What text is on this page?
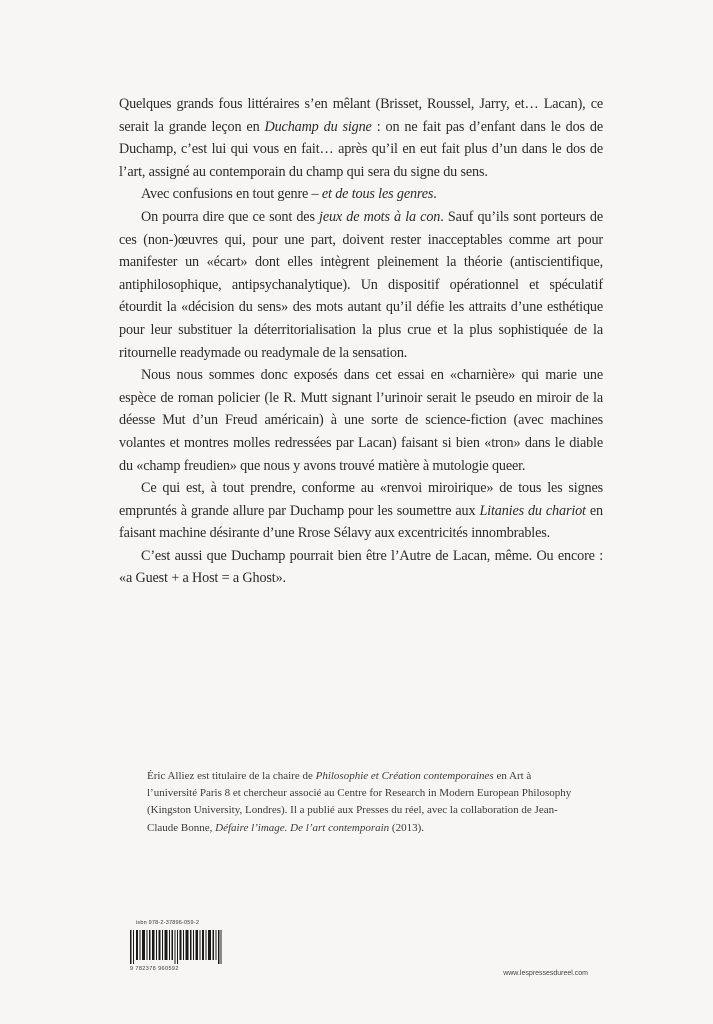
Quelques grands fous littéraires s’en mêlant (Brisset, Roussel, Jarry, et… Lacan), ce serait la grande leçon en Duchamp du signe : on ne fait pas d’enfant dans le dos de Duchamp, c’est lui qui vous en fait… après qu’il en eut fait plus d’un dans le dos de l’art, assigné au contemporain du champ qui sera du signe du sens.

Avec confusions en tout genre – et de tous les genres.

On pourra dire que ce sont des jeux de mots à la con. Sauf qu’ils sont porteurs de ces (non-)œuvres qui, pour une part, doivent rester inacceptables comme art pour manifester un «écart» dont elles intègrent pleinement la théorie (antiscientifique, antiphilosophique, antipsychanalytique). Un dispositif opérationnel et spéculatif étourdit la «décision du sens» des mots autant qu’il défie les attraits d’une esthétique pour leur substituer la déterritorialisation la plus crue et la plus sophistiquée de la ritournelle readymade ou readymale de la sensation.

Nous nous sommes donc exposés dans cet essai en «charnière» qui marie une espèce de roman policier (le R. Mutt signant l’urinoir serait le pseudo en miroir de la déesse Mut d’un Freud américain) à une sorte de science-fiction (avec machines volantes et montres molles redressées par Lacan) faisant si bien «tron» dans le diable du «champ freudien» que nous y avons trouvé matière à mutologie queer.

Ce qui est, à tout prendre, conforme au «renvoi miroirique» de tous les signes empruntés à grande allure par Duchamp pour les soumettre aux Litanies du chariot en faisant machine désirante d’une Rrose Sélavy aux excentricités innombrables.

C’est aussi que Duchamp pourrait bien être l’Autre de Lacan, même. Ou encore : «a Guest + a Host = a Ghost».

Éric Alliez est titulaire de la chaire de Philosophie et Création contemporaines en Art à l’université Paris 8 et chercheur associé au Centre for Research in Modern European Philosophy (Kingston University, Londres). Il a publié aux Presses du réel, avec la collaboration de Jean-Claude Bonne, Défaire l’image. De l’art contemporain (2013).
isbn 978-2-37896-059-2
9 782378 960592
www.lespressesdureel.com
